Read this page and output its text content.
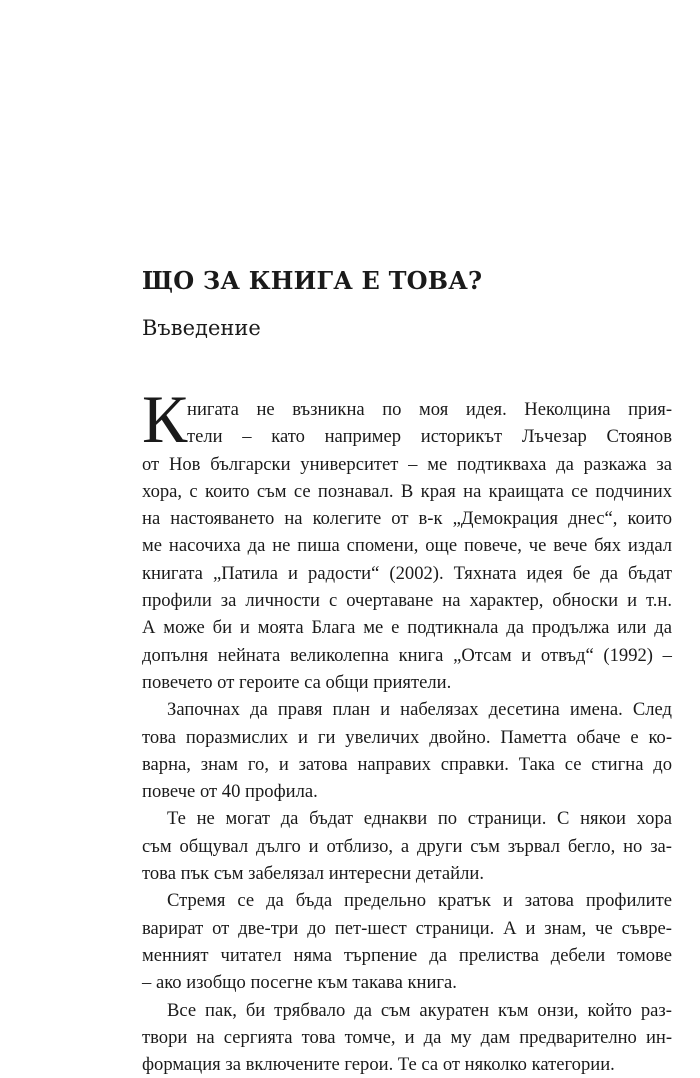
ЩО ЗА КНИГА Е ТОВА?
Въведение
К нигата не възникна по моя идея. Неколцина прия-
тели – като например историкът Лъчезар Стоянов
от Нов български университет – ме подтикваха да разкажа за
хора, с които съм се познавал. В края на краищата се подчиних
на настояването на колегите от в-к „Демокрация днес“, които
ме насочиха да не пиша спомени, още повече, че вече бях издал
книгата „Патила и радости“ (2002). Тяхната идея бе да бъдат
профили за личности с очертаване на характер, обноски и т.н.
А може би и моята Блага ме е подтикнала да продължа или да
допълня нейната великолепна книга „Отсам и отвъд“ (1992) –
повечето от героите са общи приятели.
Започнах да правя план и набелязах десетина имена. След
това поразмислих и ги увеличих двойно. Паметта обаче е ко-
варна, знам го, и затова направих справки. Така се стигна до
повече от 40 профила.
Те не могат да бъдат еднакви по страници. С някои хора
съм общувал дълго и отблизо, а други съм зървал бегло, но за-
това пък съм забелязал интересни детайли.
Стремя се да бъда предельно кратък и затова профилите
варират от две-три до пет-шест страници. А и знам, че съвре-
менният читател няма търпение да прелиства дебели томове
– ако изобщо посегне към такава книга.
Все пак, би трябвало да съм акуратен към онзи, който раз-
твори на сергията това томче, и да му дам предварително ин-
формация за включените герои. Те са от няколко категории.
